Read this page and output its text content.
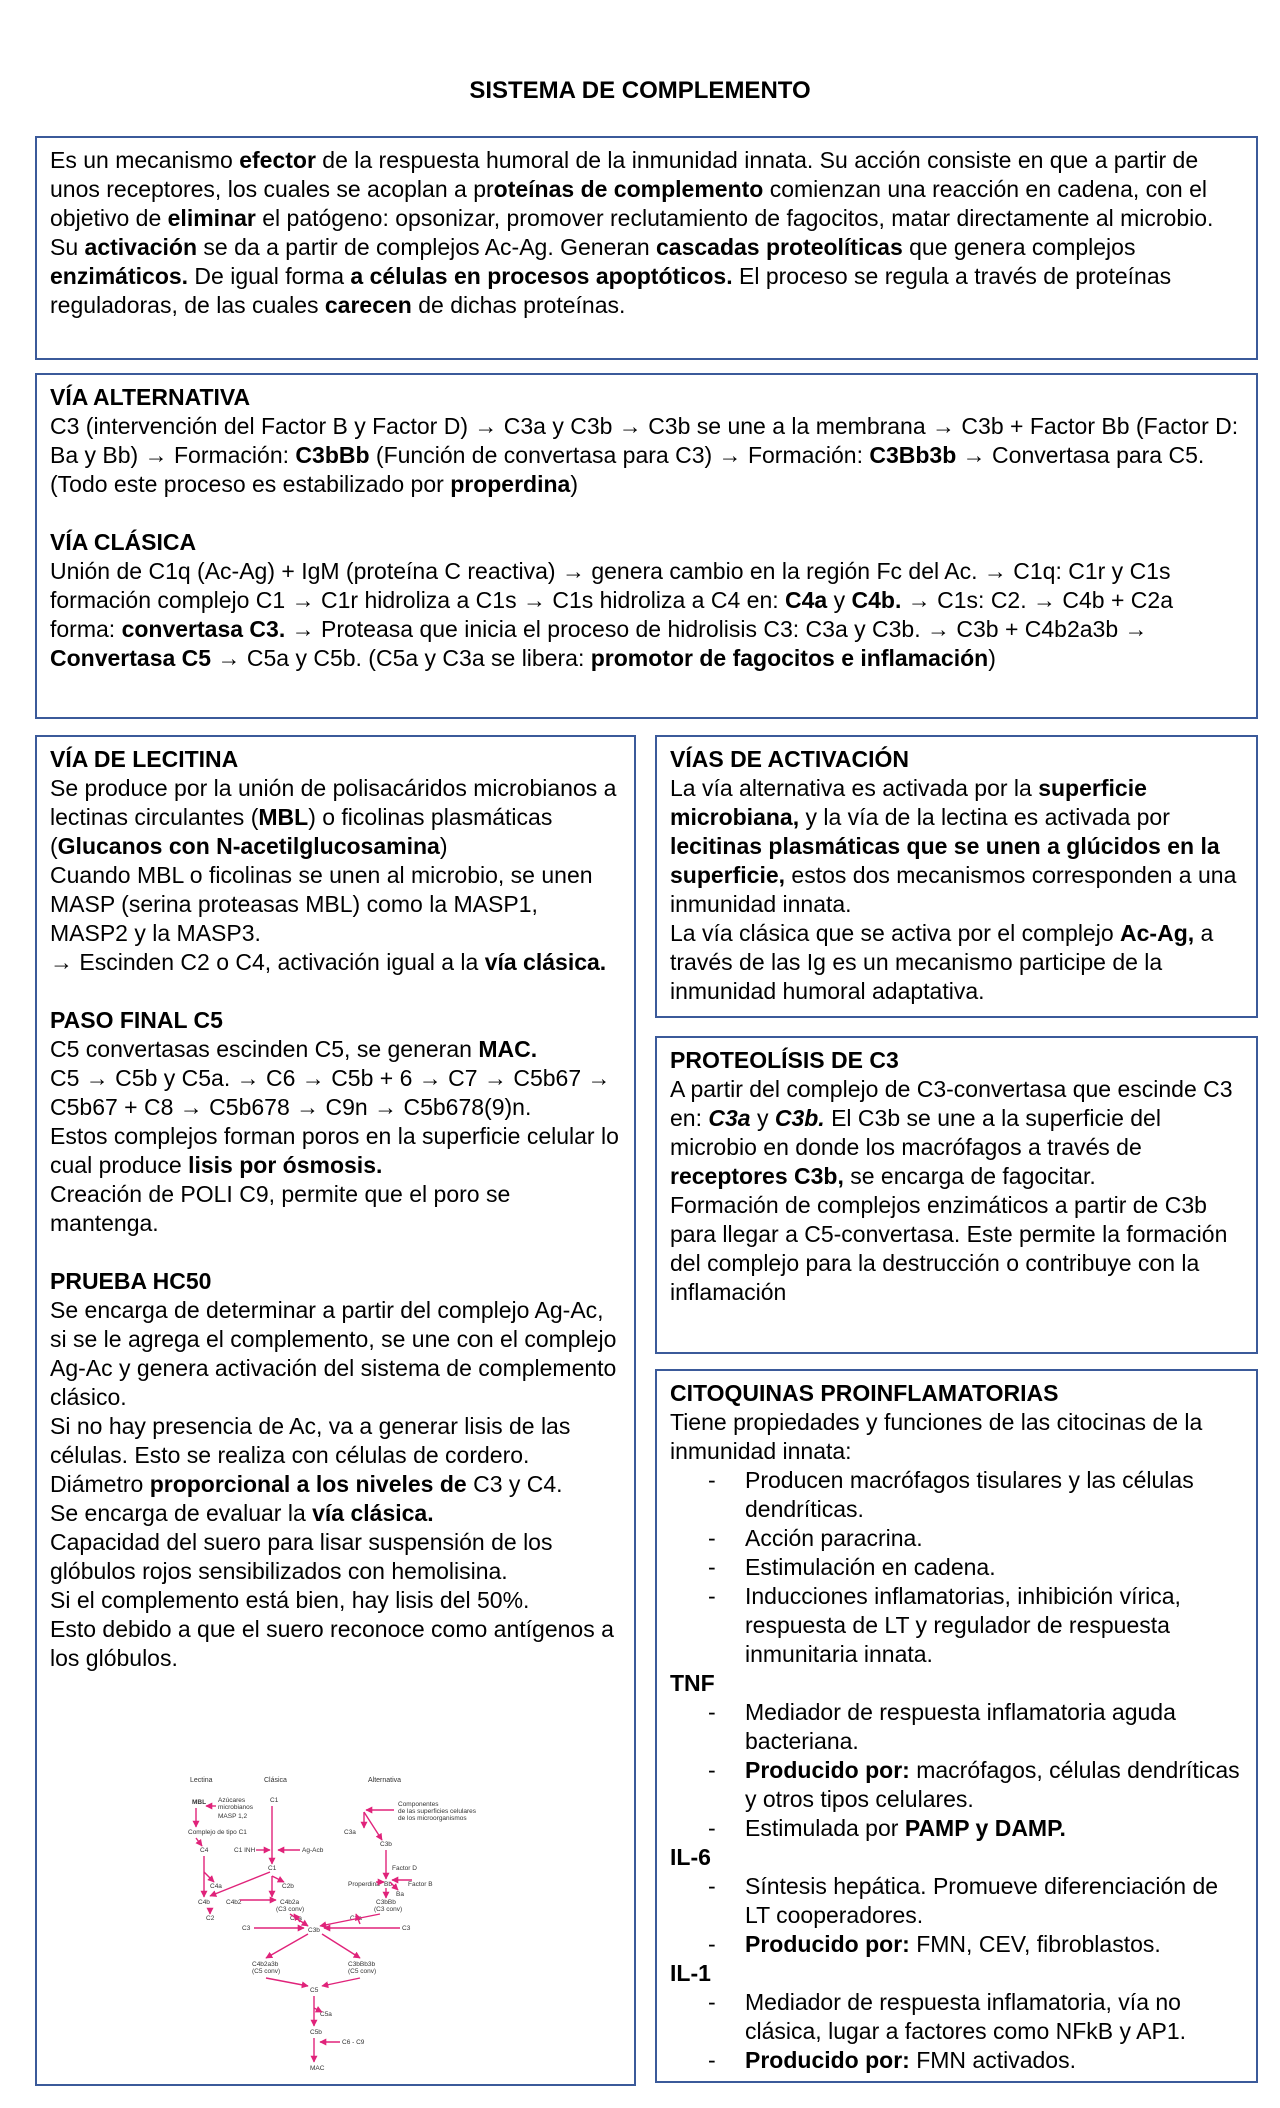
SISTEMA DE COMPLEMENTO

Es un mecanismo efector de la respuesta humoral de la inmunidad innata. Su acción consiste en que a partir de unos receptores, los cuales se acoplan a proteínas de complemento comienzan una reacción en cadena, con el objetivo de eliminar el patógeno: opsonizar, promover reclutamiento de fagocitos, matar directamente al microbio.

Su activación se da a partir de complejos Ac-Ag. Generan cascadas proteolíticas que genera complejos enzimáticos. De igual forma a células en procesos apoptóticos. El proceso se regula a través de proteínas reguladoras, de las cuales carecen de dichas proteínas.

VÍA ALTERNATIVA

C3 (intervención del Factor B y Factor D) → C3a y C3b → C3b se une a la membrana → C3b + Factor Bb (Factor D: Ba y Bb) → Formación: C3bBb (Función de convertasa para C3) → Formación: C3Bb3b → Convertasa para C5.

(Todo este proceso es estabilizado por properdina)

VÍA CLÁSICA

Unión de C1q (Ac-Ag) + IgM (proteína C reactiva) → genera cambio en la región Fc del Ac. → C1q: C1r y C1s formación complejo C1 → C1r hidroliza a C1s → C1s hidroliza a C4 en: C4a y C4b. → C1s: C2. → C4b + C2a forma: convertasa C3. → Proteasa que inicia el proceso de hidrolisis C3: C3a y C3b. → C3b + C4b2a3b → Convertasa C5 → C5a y C5b. (C5a y C3a se libera: promotor de fagocitos e inflamación)

VÍA DE LECITINA

Se produce por la unión de polisacáridos microbianos a lectinas circulantes (MBL) o ficolinas plasmáticas (Glucanos con N-acetilglucosamina)

Cuando MBL o ficolinas se unen al microbio, se unen MASP (serina proteasas MBL) como la MASP1, MASP2 y la MASP3.

→ Escinden C2 o C4, activación igual a la vía clásica.

PASO FINAL C5

C5 convertasas escinden C5, se generan MAC.

C5 → C5b y C5a. → C6 → C5b + 6 → C7 → C5b67 → C5b67 + C8 → C5b678 → C9n → C5b678(9)n.

Estos complejos forman poros en la superficie celular lo cual produce lisis por ósmosis.

Creación de POLI C9, permite que el poro se mantenga.

PRUEBA HC50

Se encarga de determinar a partir del complejo Ag-Ac, si se le agrega el complemento, se une con el complejo Ag-Ac y genera activación del sistema de complemento clásico.

Si no hay presencia de Ac, va a generar lisis de las células. Esto se realiza con células de cordero.

Diámetro proporcional a los niveles de C3 y C4.

Se encarga de evaluar la vía clásica.

Capacidad del suero para lisar suspensión de los glóbulos rojos sensibilizados con hemolisina.

Si el complemento está bien, hay lisis del 50%.

Esto debido a que el suero reconoce como antígenos a los glóbulos.

Lectina	Clásica	Alternativa
MBL Azúcares
microbianos
MASP 1,2
Complejo de tipo C1
C1
C4	C1 INH	Ag-Acb
C1
C4a	C2b
C4b C4b2
C2
C4b2a
(C3 conv)
Componentes
de las superficies celulares
de los microorganismos
C3a
C3b
Factor D
Factor B
Properdina Bb
Ba
C3bBb
(C3 conv)
C3
C3a
C3b	C3
C3a
C4b2a3b
(C5 conv)
C3bBb3b
(C5 conv)
C5
C5a
C5b
C6 - C9
MAC

VÍAS DE ACTIVACIÓN

La vía alternativa es activada por la superficie microbiana, y la vía de la lectina es activada por lecitinas plasmáticas que se unen a glúcidos en la superficie, estos dos mecanismos corresponden a una inmunidad innata.

La vía clásica que se activa por el complejo Ac-Ag, a través de las Ig es un mecanismo participe de la inmunidad humoral adaptativa.

PROTEOLÍSIS DE C3

A partir del complejo de C3-convertasa que escinde C3 en: C3a y C3b. El C3b se une a la superficie del microbio en donde los macrófagos a través de receptores C3b, se encarga de fagocitar.

Formación de complejos enzimáticos a partir de C3b para llegar a C5-convertasa. Este permite la formación del complejo para la destrucción o contribuye con la inflamación

CITOQUINAS PROINFLAMATORIAS

Tiene propiedades y funciones de las citocinas de la inmunidad innata:

- Producen macrófagos tisulares y las células dendríticas.
- Acción paracrina.
- Estimulación en cadena.
- Inducciones inflamatorias, inhibición vírica, respuesta de LT y regulador de respuesta inmunitaria innata.

TNF

- Mediador de respuesta inflamatoria aguda bacteriana.
- Producido por: macrófagos, células dendríticas y otros tipos celulares.
- Estimulada por PAMP y DAMP.

IL-6

- Síntesis hepática. Promueve diferenciación de LT cooperadores.
- Producido por: FMN, CEV, fibroblastos.

IL-1

- Mediador de respuesta inflamatoria, vía no clásica, lugar a factores como NFkB y AP1.
- Producido por: FMN activados.
